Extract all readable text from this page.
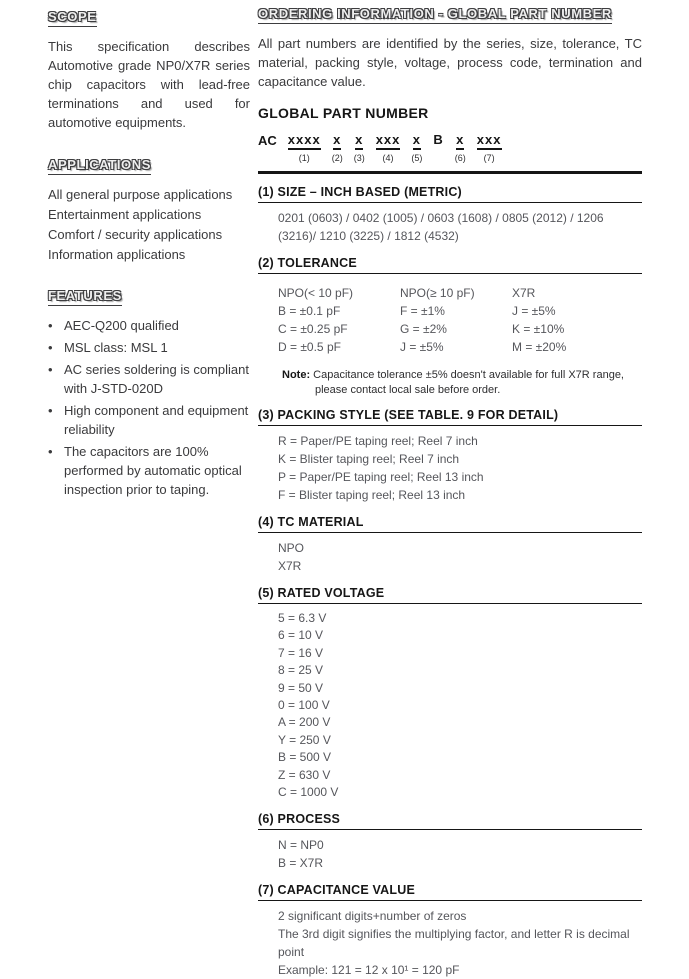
SCOPE

This specification describes Automotive grade NP0/X7R series chip capacitors with lead-free terminations and used for automotive equipments.

APPLICATIONS
All general purpose applications
Entertainment applications
Comfort / security applications
Information applications
FEATURES
• AEC-Q200 qualified
• MSL class: MSL 1
• AC series soldering is compliant with J-STD-020D
• High component and equipment reliability
• The capacitors are 100% performed by automatic optical inspection prior to taping.
ORDERING INFORMATION - GLOBAL PART NUMBER

All part numbers are identified by the series, size, tolerance, TC material, packing style, voltage, process code, termination and capacitance value.

GLOBAL PART NUMBER
AC xxxx
(1)
x
(2)
x
(3)
xxx
(4)
x
(5)
B x
(6)
xxx
(7)
(1) SIZE – INCH BASED (METRIC)

0201 (0603) / 0402 (1005) / 0603 (1608) / 0805 (2012) / 1206 (3216)/ 1210 (3225) / 1812 (4532)

(2) TOLERANCE
NPO(< 10 pF)
B = ±0.1 pF
C = ±0.25 pF
D = ±0.5 pF
NPO(≥ 10 pF)
F = ±1%
G = ±2%
J = ±5%
X7R
J = ±5%
K = ±10%
M = ±20%
Note: Capacitance tolerance ±5% doesn't available for full X7R range,
please contact local sale before order.
(3) PACKING STYLE (SEE TABLE. 9 FOR DETAIL)
R = Paper/PE taping reel; Reel 7 inch
K = Blister taping reel; Reel 7 inch
P = Paper/PE taping reel; Reel 13 inch
F = Blister taping reel; Reel 13 inch
(4) TC MATERIAL
NPO
X7R
(5) RATED VOLTAGE
5 = 6.3 V
6 = 10 V
7 = 16 V
8 = 25 V
9 = 50 V
0 = 100 V
A = 200 V
Y = 250 V
B = 500 V
Z = 630 V
C = 1000 V
(6) PROCESS
N = NP0
B = X7R
(7) CAPACITANCE VALUE
2 significant digits+number of zeros
The 3rd digit signifies the multiplying factor, and letter R is decimal point
Example: 121 = 12 x 10¹ = 120 pF
